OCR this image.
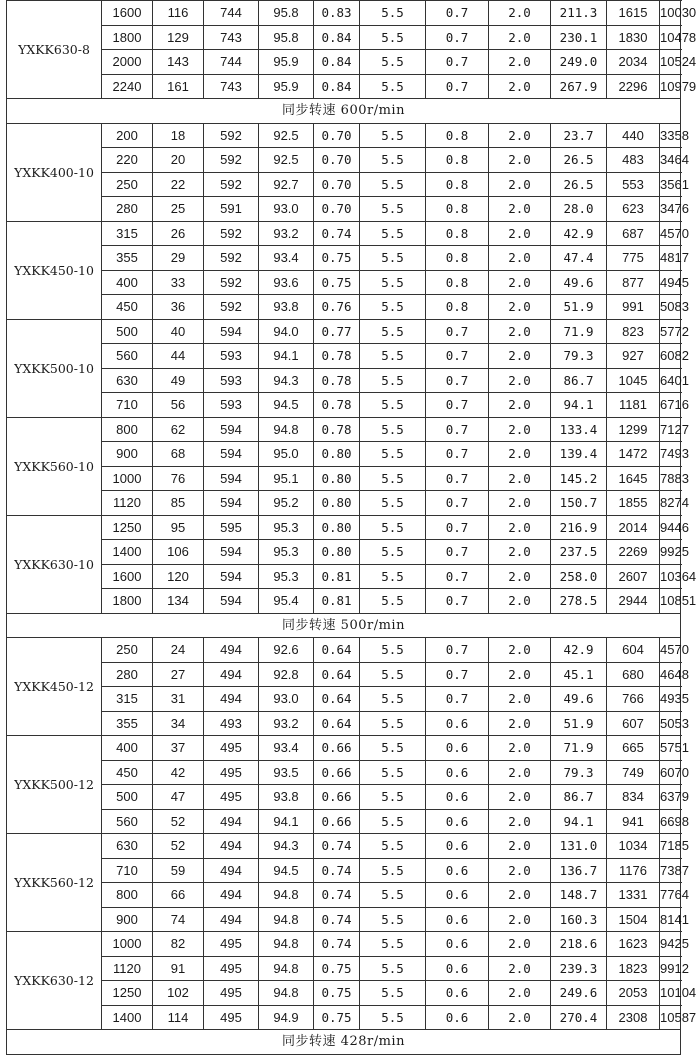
YXKK630-8	1600	116	744	95.8	0.83	5.5	0.7	2.0	211.3	1615	10030
	1800	129	743	95.8	0.84	5.5	0.7	2.0	230.1	1830	10478
	2000	143	744	95.9	0.84	5.5	0.7	2.0	249.0	2034	10524
	2240	161	743	95.9	0.84	5.5	0.7	2.0	267.9	2296	10979
同步转速 600r/min											
YXKK400-10	200	18	592	92.5	0.70	5.5	0.8	2.0	23.7	440	3358
	220	20	592	92.5	0.70	5.5	0.8	2.0	26.5	483	3464
	250	22	592	92.7	0.70	5.5	0.8	2.0	26.5	553	3561
	280	25	591	93.0	0.70	5.5	0.8	2.0	28.0	623	3476
YXKK450-10	315	26	592	93.2	0.74	5.5	0.8	2.0	42.9	687	4570
	355	29	592	93.4	0.75	5.5	0.8	2.0	47.4	775	4817
	400	33	592	93.6	0.75	5.5	0.8	2.0	49.6	877	4945
	450	36	592	93.8	0.76	5.5	0.8	2.0	51.9	991	5083
YXKK500-10	500	40	594	94.0	0.77	5.5	0.7	2.0	71.9	823	5772
	560	44	593	94.1	0.78	5.5	0.7	2.0	79.3	927	6082
	630	49	593	94.3	0.78	5.5	0.7	2.0	86.7	1045	6401
	710	56	593	94.5	0.78	5.5	0.7	2.0	94.1	1181	6716
YXKK560-10	800	62	594	94.8	0.78	5.5	0.7	2.0	133.4	1299	7127
	900	68	594	95.0	0.80	5.5	0.7	2.0	139.4	1472	7493
	1000	76	594	95.1	0.80	5.5	0.7	2.0	145.2	1645	7883
	1120	85	594	95.2	0.80	5.5	0.7	2.0	150.7	1855	8274
YXKK630-10	1250	95	595	95.3	0.80	5.5	0.7	2.0	216.9	2014	9446
	1400	106	594	95.3	0.80	5.5	0.7	2.0	237.5	2269	9925
	1600	120	594	95.3	0.81	5.5	0.7	2.0	258.0	2607	10364
	1800	134	594	95.4	0.81	5.5	0.7	2.0	278.5	2944	10851
同步转速 500r/min											
YXKK450-12	250	24	494	92.6	0.64	5.5	0.7	2.0	42.9	604	4570
	280	27	494	92.8	0.64	5.5	0.7	2.0	45.1	680	4648
	315	31	494	93.0	0.64	5.5	0.7	2.0	49.6	766	4935
	355	34	493	93.2	0.64	5.5	0.6	2.0	51.9	607	5053
YXKK500-12	400	37	495	93.4	0.66	5.5	0.6	2.0	71.9	665	5751
	450	42	495	93.5	0.66	5.5	0.6	2.0	79.3	749	6070
	500	47	495	93.8	0.66	5.5	0.6	2.0	86.7	834	6379
	560	52	494	94.1	0.66	5.5	0.6	2.0	94.1	941	6698
YXKK560-12	630	52	494	94.3	0.74	5.5	0.6	2.0	131.0	1034	7185
	710	59	494	94.5	0.74	5.5	0.6	2.0	136.7	1176	7387
	800	66	494	94.8	0.74	5.5	0.6	2.0	148.7	1331	7764
	900	74	494	94.8	0.74	5.5	0.6	2.0	160.3	1504	8141
YXKK630-12	1000	82	495	94.8	0.74	5.5	0.6	2.0	218.6	1623	9425
	1120	91	495	94.8	0.75	5.5	0.6	2.0	239.3	1823	9912
	1250	102	495	94.8	0.75	5.5	0.6	2.0	249.6	2053	10104
	1400	114	495	94.9	0.75	5.5	0.6	2.0	270.4	2308	10587
同步转速 428r/min											
